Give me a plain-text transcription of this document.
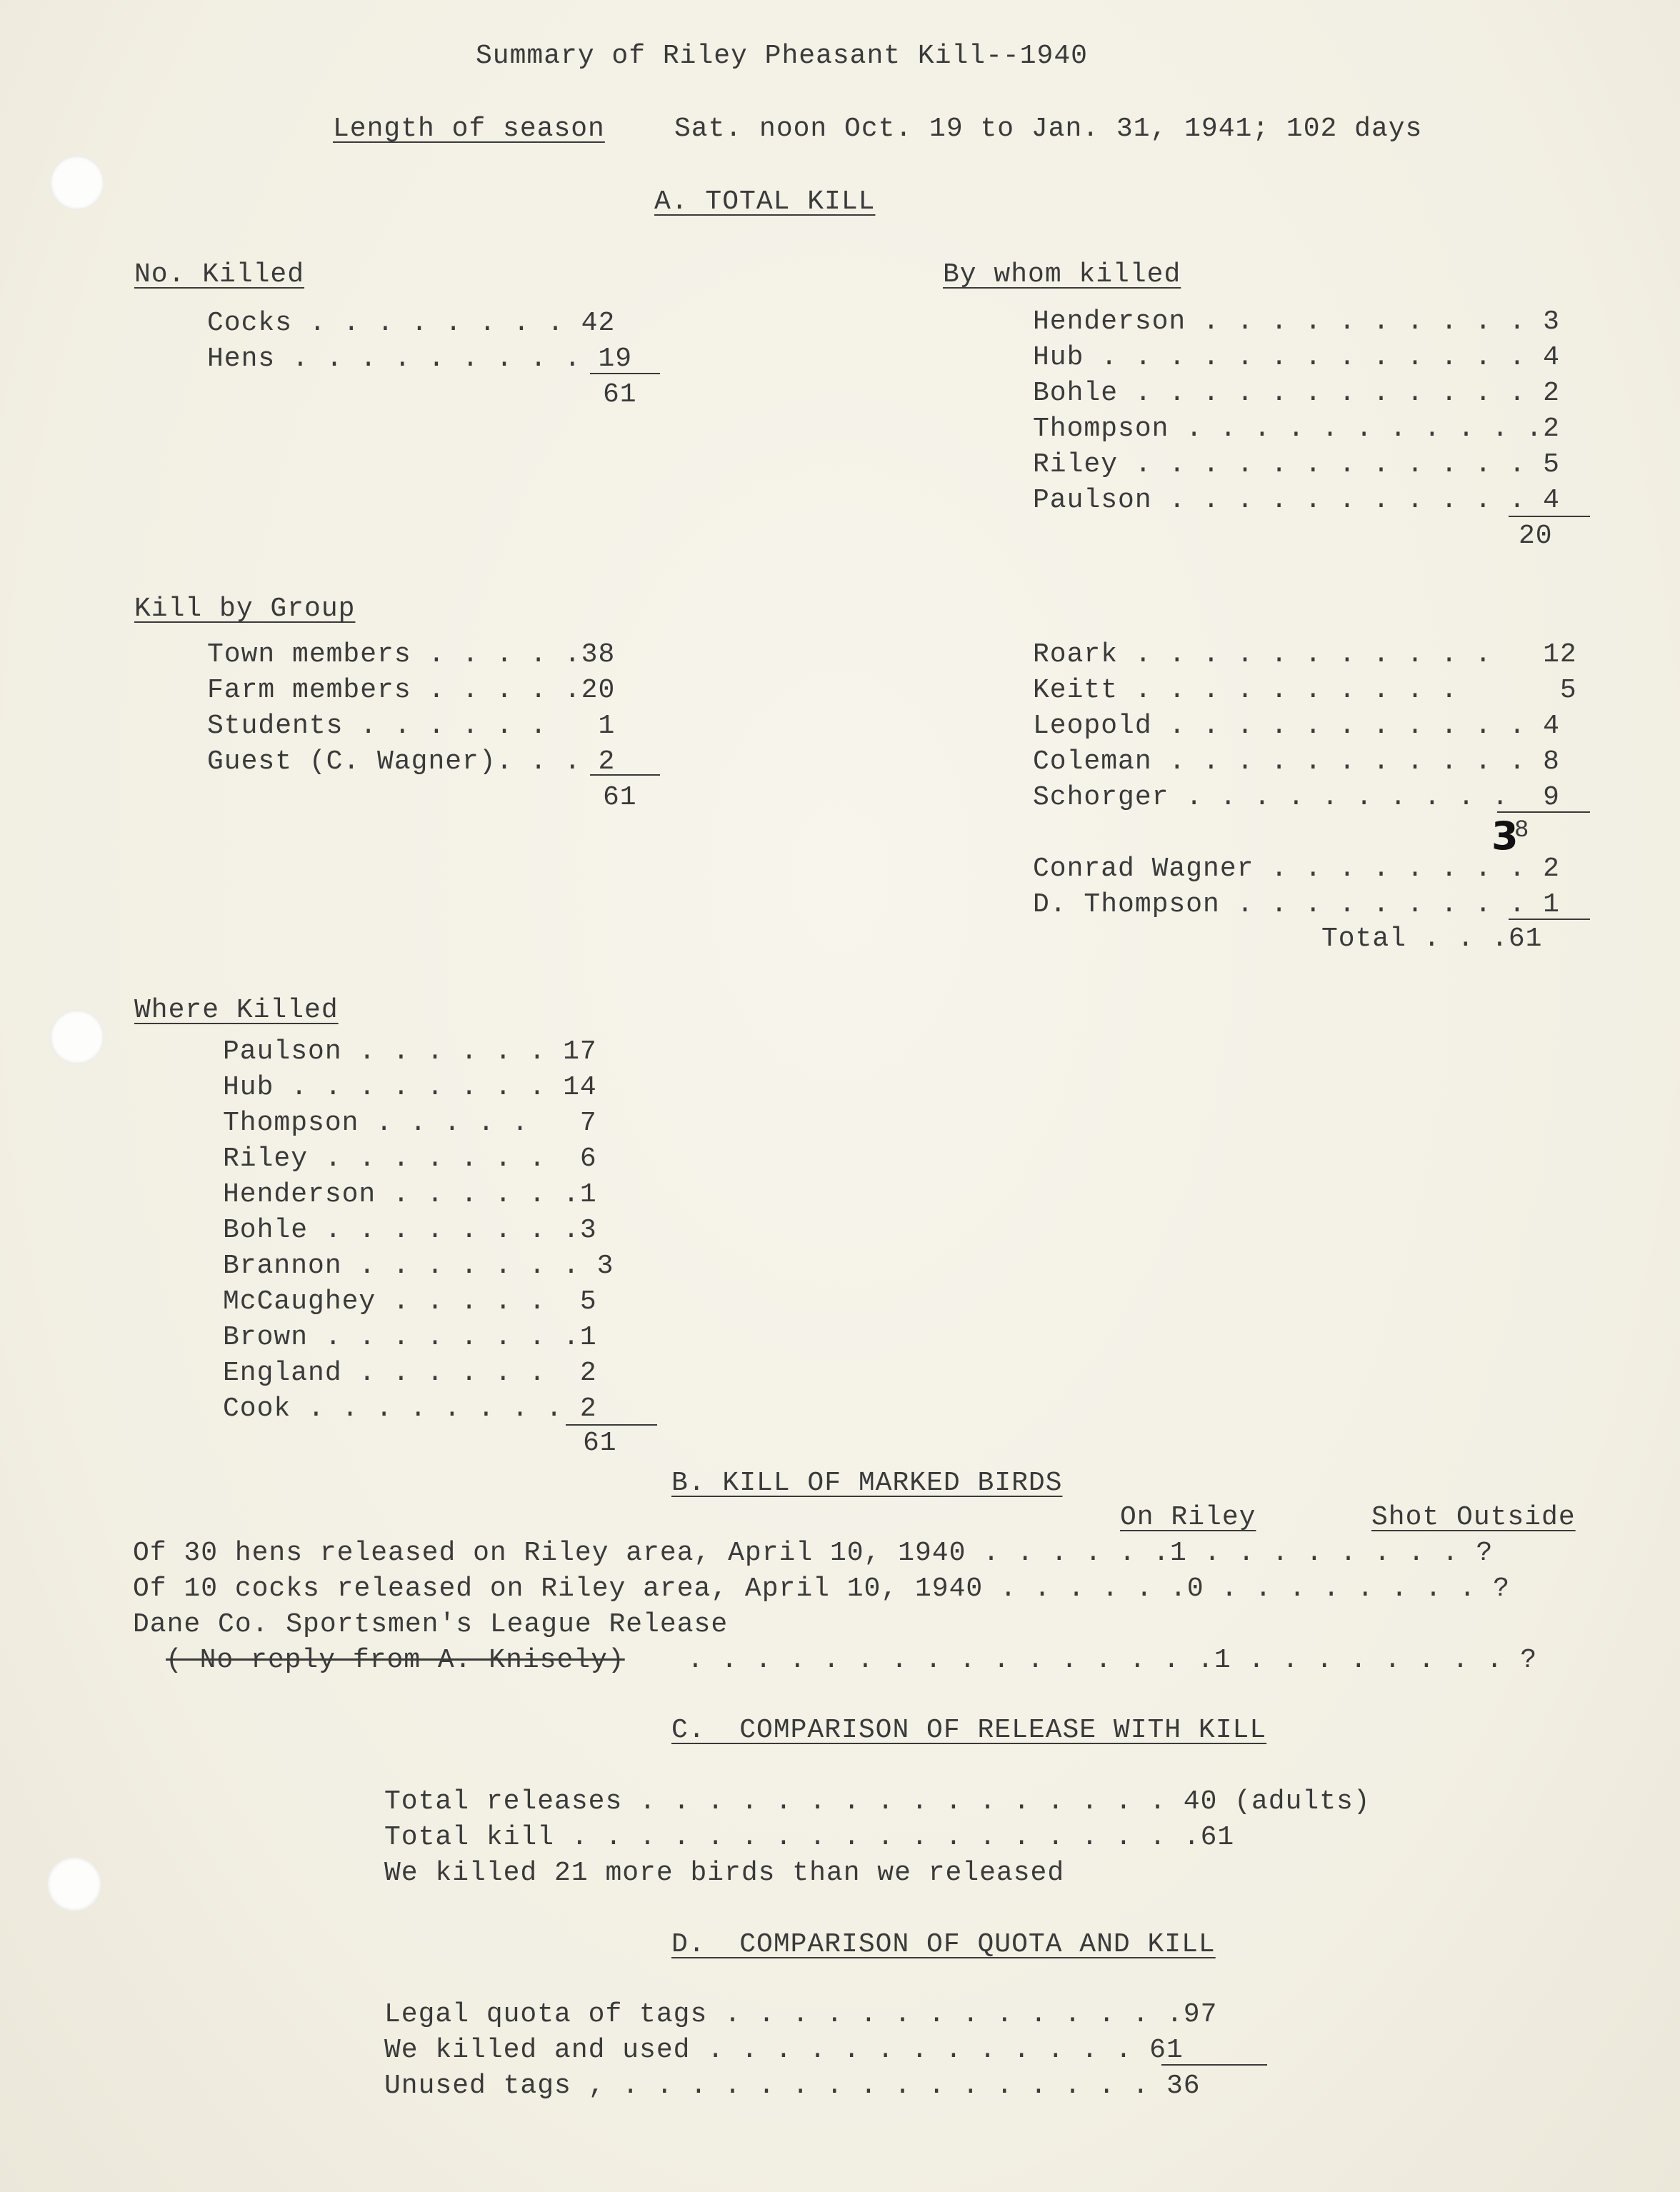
Summary of Riley Pheasant Kill--1940
Length of season	Sat. noon Oct. 19 to Jan. 31, 1941; 102 days
A. TOTAL KILL
No. Killed
Cocks . . . . . . . . 42
Hens . . . . . . . . . 19
61
By whom killed
Henderson . . . . . . . . . . 3
Hub . . . . . . . . . . . . . 4
Bohle . . . . . . . . . . . . 2
Thompson . . . . . . . . . . .2
Riley . . . . . . . . . . . . 5
Paulson . . . . . . . . . . . 4
20
Kill by Group
Town members . . . . .38
Farm members . . . . .20
Students . . . . . .   1
Guest (C. Wagner). . . 2
61
Roark . . . . . . . . . . .   12
Keitt . . . . . . . . . .      5
Leopold . . . . . . . . . . . 4
Coleman . . . . . . . . . . . 8
Schorger . . . . . . . . . .  9
3
8
Conrad Wagner . . . . . . . . 2
D. Thompson . . . . . . . . . 1
Total . . .61
Where Killed
Paulson . . . . . . 17
Hub . . . . . . . . 14
Thompson . . . . .   7
Riley . . . . . . .  6
Henderson . . . . . .1
Bohle . . . . . . . .3
Brannon . . . . . . . 3
McCaughey . . . . .  5
Brown . . . . . . . .1
England . . . . . .  2
Cook . . . . . . . . 2
61
B. KILL OF MARKED BIRDS
On Riley	Shot Outside
Of 30 hens released on Riley area, April 10, 1940 . . . . . .1 . . . . . . . . ?
Of 10 cocks released on Riley area, April 10, 1940 . . . . . .0 . . . . . . . . ?
Dane Co. Sportsmen's League Release
( No reply from A. Knisely) . . . . . . . . . . . . . . . .1 . . . . . . . . ?
C.  COMPARISON OF RELEASE WITH KILL
Total releases . . . . . . . . . . . . . . . . 40 (adults)
Total kill . . . . . . . . . . . . . . . . . . .61
We killed 21 more birds than we released
D.  COMPARISON OF QUOTA AND KILL
Legal quota of tags . . . . . . . . . . . . . .97
We killed and used . . . . . . . . . . . . . 61
Unused tags , . . . . . . . . . . . . . . . . 36
